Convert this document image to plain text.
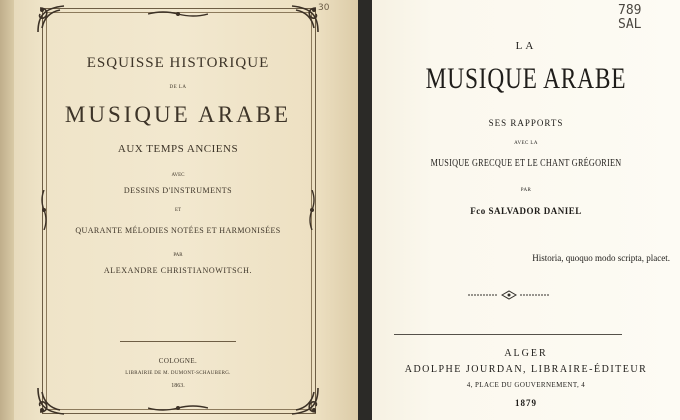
ESQUISSE HISTORIQUE
DE LA
MUSIQUE ARABE
AUX TEMPS ANCIENS
AVEC
DESSINS D'INSTRUMENTS
ET
QUARANTE MÉLODIES NOTÉES ET HARMONISÉES
PAR
ALEXANDRE CHRISTIANOWITSCH.
COLOGNE.
LIBRAIRIE DE M. DUMONT-SCHAUBERG.
1863.
30	789
SAL
LA
MUSIQUE ARABE
SES RAPPORTS
AVEC LA
MUSIQUE GRECQUE ET LE CHANT GRÉGORIEN
PAR
Fco SALVADOR DANIEL
Historia, quoquo modo scripta, placet.
ALGER
ADOLPHE JOURDAN, LIBRAIRE-ÉDITEUR
4, PLACE DU GOUVERNEMENT, 4
1879
